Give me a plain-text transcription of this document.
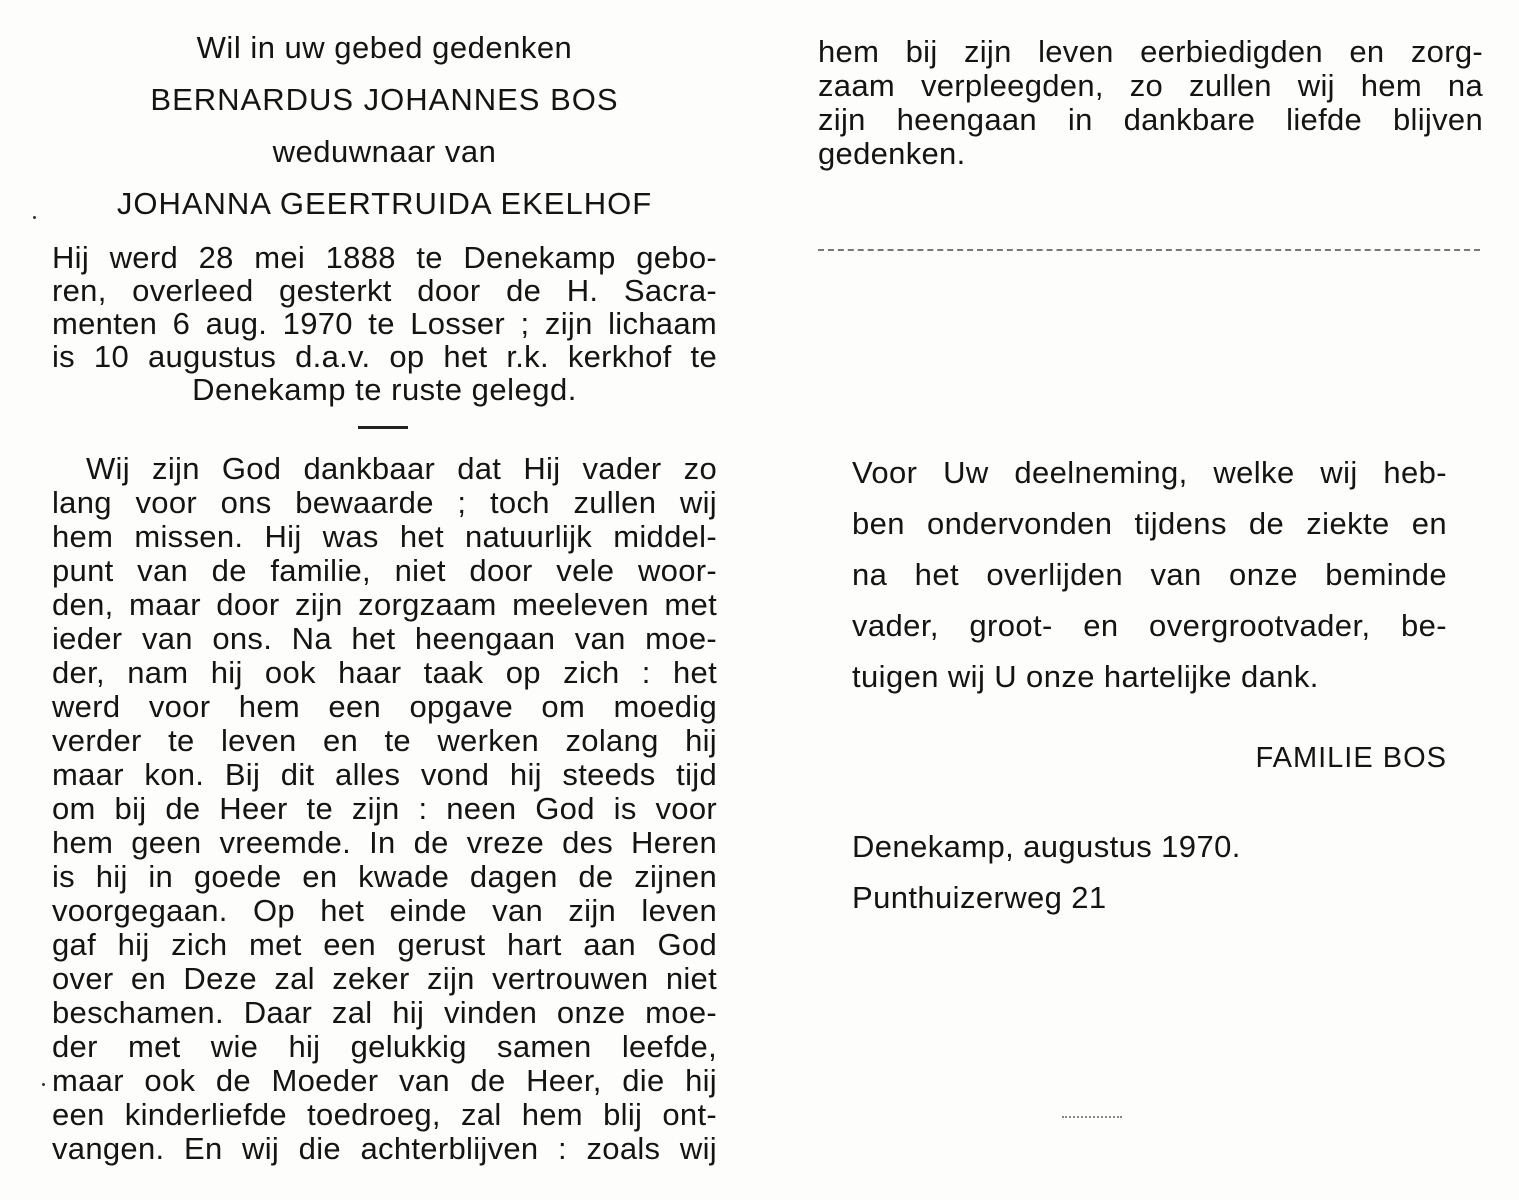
Wil in uw gebed gedenken
BERNARDUS JOHANNES BOS
weduwnaar van
JOHANNA GEERTRUIDA EKELHOF
Hij werd 28 mei 1888 te Denekamp gebo-
ren, overleed gesterkt door de H. Sacra-
menten 6 aug. 1970 te Losser ; zijn lichaam
is 10 augustus d.a.v. op het r.k. kerkhof te
Denekamp te ruste gelegd.
Wij zijn God dankbaar dat Hij vader zo
lang voor ons bewaarde ; toch zullen wij
hem missen. Hij was het natuurlijk middel-
punt van de familie, niet door vele woor-
den, maar door zijn zorgzaam meeleven met
ieder van ons. Na het heengaan van moe-
der, nam hij ook haar taak op zich : het
werd voor hem een opgave om moedig
verder te leven en te werken zolang hij
maar kon. Bij dit alles vond hij steeds tijd
om bij de Heer te zijn : neen God is voor
hem geen vreemde. In de vreze des Heren
is hij in goede en kwade dagen de zijnen
voorgegaan. Op het einde van zijn leven
gaf hij zich met een gerust hart aan God
over en Deze zal zeker zijn vertrouwen niet
beschamen. Daar zal hij vinden onze moe-
der met wie hij gelukkig samen leefde,
maar ook de Moeder van de Heer, die hij
een kinderliefde toedroeg, zal hem blij ont-
vangen. En wij die achterblijven : zoals wij
hem bij zijn leven eerbiedigden en zorg-
zaam verpleegden, zo zullen wij hem na
zijn heengaan in dankbare liefde blijven
gedenken.
Voor Uw deelneming, welke wij heb-
ben ondervonden tijdens de ziekte en
na het overlijden van onze beminde
vader, groot- en overgrootvader, be-
tuigen wij U onze hartelijke dank.
FAMILIE BOS
Denekamp, augustus 1970.
Punthuizerweg 21
